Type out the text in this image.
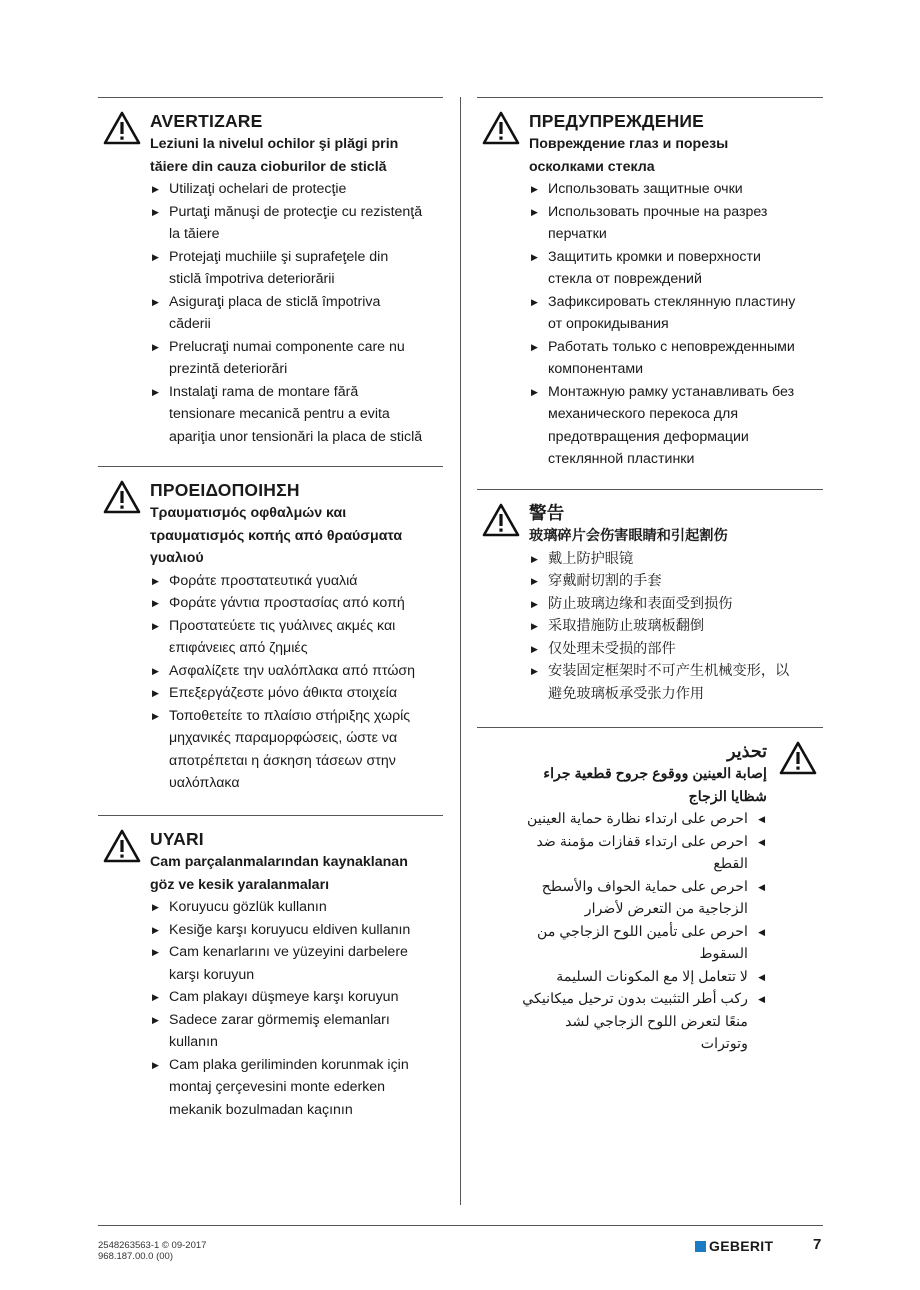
AVERTIZARE
Leziuni la nivelul ochilor şi plăgi prin
tăiere din cauza cioburilor de sticlă
▶ Utilizaţi ochelari de protecţie
▶ Purtaţi mănuşi de protecţie cu rezistenţă
la tăiere
▶ Protejaţi muchiile şi suprafeţele din
sticlă împotriva deteriorării
▶ Asiguraţi placa de sticlă împotriva
căderii
▶ Prelucraţi numai componente care nu
prezintă deteriorări
▶ Instalaţi rama de montare fără
tensionare mecanică pentru a evita
apariţia unor tensionări la placa de sticlă
ΠΡΟΕΙΔΟΠΟΙΗΣΗ
Τραυματισμός οφθαλμών και
τραυματισμός κοπής από θραύσματα
γυαλιού
▶ Φοράτε προστατευτικά γυαλιά
▶ Φοράτε γάντια προστασίας από κοπή
▶ Προστατεύετε τις γυάλινες ακμές και
επιφάνειες από ζημιές
▶ Ασφαλίζετε την υαλόπλακα από πτώση
▶ Επεξεργάζεστε μόνο άθικτα στοιχεία
▶ Τοποθετείτε το πλαίσιο στήριξης χωρίς
μηχανικές παραμορφώσεις, ώστε να
αποτρέπεται η άσκηση τάσεων στην
υαλόπλακα
UYARI
Cam parçalanmalarından kaynaklanan
göz ve kesik yaralanmaları
▶ Koruyucu gözlük kullanın
▶ Kesiğe karşı koruyucu eldiven kullanın
▶ Cam kenarlarını ve yüzeyini darbelere
karşı koruyun
▶ Cam plakayı düşmeye karşı koruyun
▶ Sadece zarar görmemiş elemanları
kullanın
▶ Cam plaka geriliminden korunmak için
montaj çerçevesini monte ederken
mekanik bozulmadan kaçının
ПРЕДУПРЕЖДЕНИЕ
Повреждение глаз и порезы
осколками стекла
▶ Использовать защитные очки
▶ Использовать прочные на разрез
перчатки
▶ Защитить кромки и поверхности
стекла от повреждений
▶ Зафиксировать стеклянную пластину
от опрокидывания
▶ Работать только с неповрежденными
компонентами
▶ Монтажную рамку устанавливать без
механического перекоса для
предотвращения деформации
стеклянной пластинки
警告
玻璃碎片会伤害眼睛和引起割伤
▶ 戴上防护眼镜
▶ 穿戴耐切割的手套
▶ 防止玻璃边缘和表面受到损伤
▶ 采取措施防止玻璃板翻倒
▶ 仅处理未受损的部件
▶ 安装固定框架时不可产生机械变形，以
避免玻璃板承受张力作用
تحذير
إصابة العينين ووقوع جروح قطعية جراء
شظايا الزجاج
◀
احرص على ارتداء نظارة حماية العينين
◀
احرص على ارتداء قفازات مؤمنة ضد
القطع
◀
احرص على حماية الحواف والأسطح
الزجاجية من التعرض لأضرار
◀
احرص على تأمين اللوح الزجاجي من
السقوط
◀
لا تتعامل إلا مع المكونات السليمة
◀
ركب أطر التثبيت بدون ترحيل ميكانيكي
منعًا لتعرض اللوح الزجاجي لشد
وتوترات
2548263563-1 © 09-2017
968.187.00.0 (00)
GEBERIT	7
